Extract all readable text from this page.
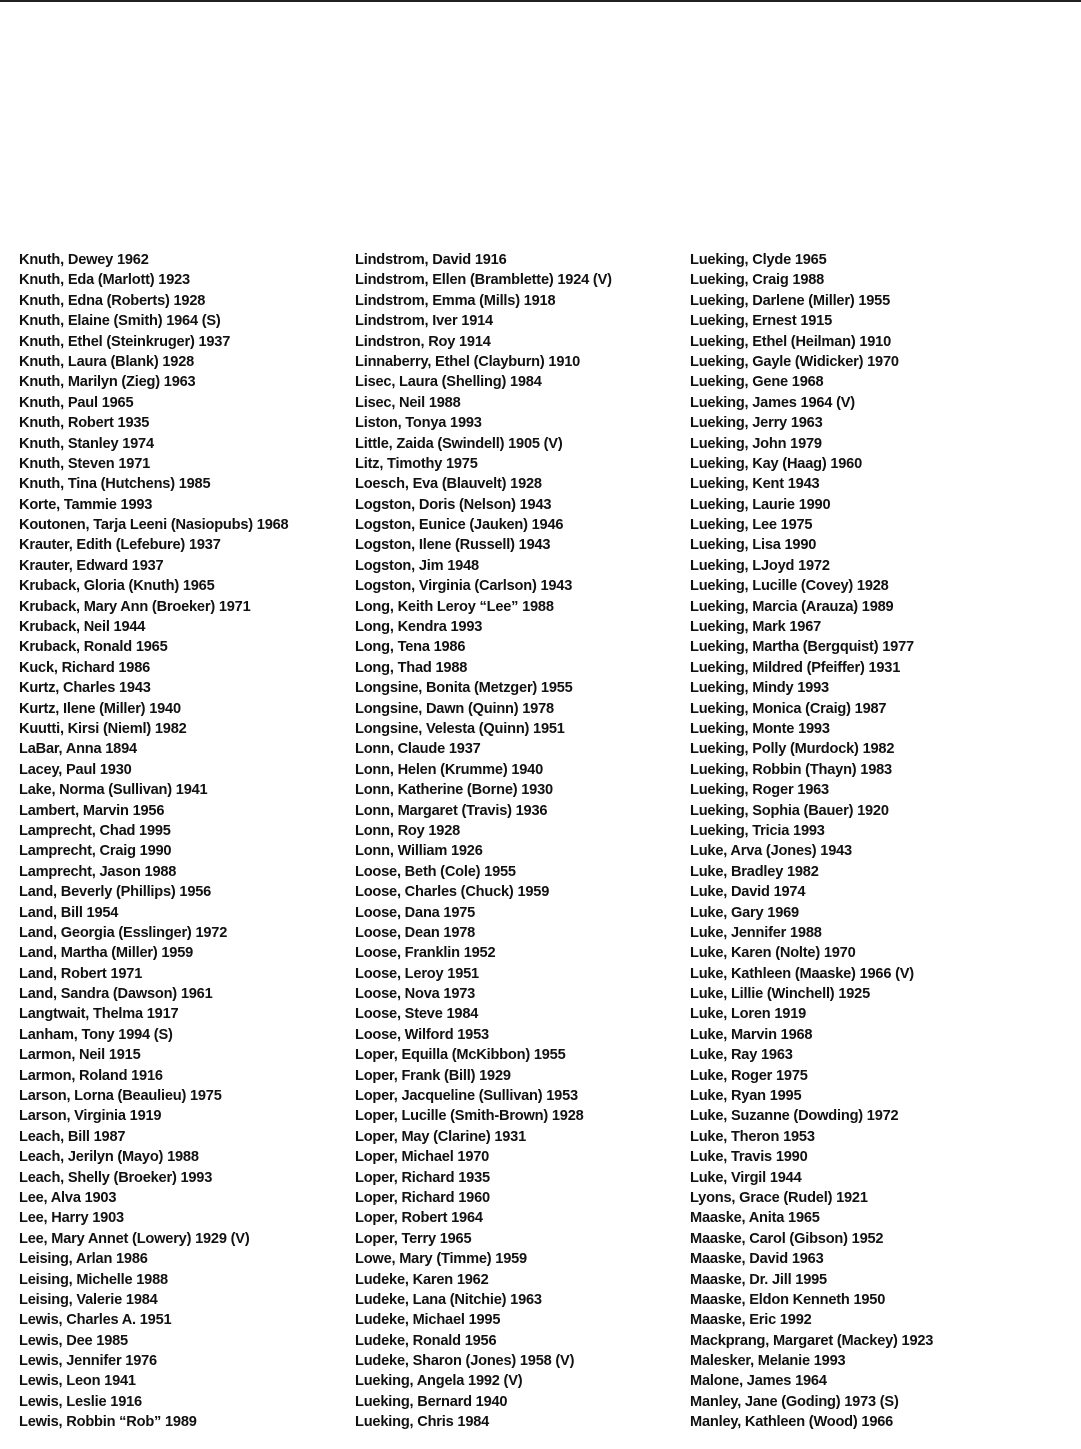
Knuth, Dewey 1962
Knuth, Eda (Marlott) 1923
Knuth, Edna (Roberts) 1928
Knuth, Elaine (Smith) 1964 (S)
Knuth, Ethel (Steinkruger) 1937
Knuth, Laura (Blank) 1928
Knuth, Marilyn (Zieg) 1963
Knuth, Paul 1965
Knuth, Robert 1935
Knuth, Stanley 1974
Knuth, Steven 1971
Knuth, Tina (Hutchens) 1985
Korte, Tammie 1993
Koutonen, Tarja Leeni (Nasiopubs) 1968
Krauter, Edith (Lefebure) 1937
Krauter, Edward 1937
Kruback, Gloria (Knuth) 1965
Kruback, Mary Ann (Broeker) 1971
Kruback, Neil 1944
Kruback, Ronald 1965
Kuck, Richard 1986
Kurtz, Charles 1943
Kurtz, Ilene (Miller) 1940
Kuutti, Kirsi (Nieml) 1982
LaBar, Anna 1894
Lacey, Paul 1930
Lake, Norma (Sullivan) 1941
Lambert, Marvin 1956
Lamprecht, Chad 1995
Lamprecht, Craig 1990
Lamprecht, Jason 1988
Land, Beverly (Phillips) 1956
Land, Bill 1954
Land, Georgia (Esslinger) 1972
Land, Martha (Miller) 1959
Land, Robert 1971
Land, Sandra (Dawson) 1961
Langtwait, Thelma 1917
Lanham, Tony 1994 (S)
Larmon, Neil 1915
Larmon, Roland 1916
Larson, Lorna (Beaulieu) 1975
Larson, Virginia 1919
Leach, Bill 1987
Leach, Jerilyn (Mayo) 1988
Leach, Shelly (Broeker) 1993
Lee, Alva 1903
Lee, Harry 1903
Lee, Mary Annet (Lowery) 1929 (V)
Leising, Arlan 1986
Leising, Michelle 1988
Leising, Valerie 1984
Lewis, Charles A. 1951
Lewis, Dee 1985
Lewis, Jennifer 1976
Lewis, Leon 1941
Lewis, Leslie 1916
Lewis, Robbin “Rob” 1989
Lindstrom, David 1916
Lindstrom, Ellen (Bramblette) 1924 (V)
Lindstrom, Emma (Mills) 1918
Lindstrom, Iver 1914
Lindstron, Roy 1914
Linnaberry, Ethel (Clayburn) 1910
Lisec, Laura (Shelling) 1984
Lisec, Neil 1988
Liston, Tonya 1993
Little, Zaida (Swindell) 1905 (V)
Litz, Timothy 1975
Loesch, Eva (Blauvelt) 1928
Logston, Doris (Nelson) 1943
Logston, Eunice (Jauken) 1946
Logston, Ilene (Russell) 1943
Logston, Jim 1948
Logston, Virginia (Carlson) 1943
Long, Keith Leroy “Lee” 1988
Long, Kendra 1993
Long, Tena 1986
Long, Thad 1988
Longsine, Bonita (Metzger) 1955
Longsine, Dawn (Quinn) 1978
Longsine, Velesta (Quinn) 1951
Lonn, Claude 1937
Lonn, Helen (Krumme) 1940
Lonn, Katherine (Borne) 1930
Lonn, Margaret (Travis) 1936
Lonn, Roy 1928
Lonn, William 1926
Loose, Beth (Cole) 1955
Loose, Charles (Chuck) 1959
Loose, Dana 1975
Loose, Dean 1978
Loose, Franklin 1952
Loose, Leroy 1951
Loose, Nova 1973
Loose, Steve 1984
Loose, Wilford 1953
Loper, Equilla (McKibbon) 1955
Loper, Frank (Bill) 1929
Loper, Jacqueline (Sullivan) 1953
Loper, Lucille (Smith-Brown) 1928
Loper, May (Clarine) 1931
Loper, Michael 1970
Loper, Richard 1935
Loper, Richard 1960
Loper, Robert 1964
Loper, Terry 1965
Lowe, Mary (Timme) 1959
Ludeke, Karen 1962
Ludeke, Lana (Nitchie) 1963
Ludeke, Michael 1995
Ludeke, Ronald 1956
Ludeke, Sharon (Jones) 1958 (V)
Lueking, Angela 1992 (V)
Lueking, Bernard 1940
Lueking, Chris 1984
Lueking, Clyde 1965
Lueking, Craig 1988
Lueking, Darlene (Miller) 1955
Lueking, Ernest 1915
Lueking, Ethel (Heilman) 1910
Lueking, Gayle (Widicker) 1970
Lueking, Gene 1968
Lueking, James 1964 (V)
Lueking, Jerry 1963
Lueking, John 1979
Lueking, Kay (Haag) 1960
Lueking, Kent 1943
Lueking, Laurie 1990
Lueking, Lee 1975
Lueking, Lisa 1990
Lueking, LJoyd 1972
Lueking, Lucille (Covey) 1928
Lueking, Marcia (Arauza) 1989
Lueking, Mark 1967
Lueking, Martha (Bergquist) 1977
Lueking, Mildred (Pfeiffer) 1931
Lueking, Mindy 1993
Lueking, Monica (Craig) 1987
Lueking, Monte 1993
Lueking, Polly (Murdock) 1982
Lueking, Robbin (Thayn) 1983
Lueking, Roger 1963
Lueking, Sophia (Bauer) 1920
Lueking, Tricia 1993
Luke, Arva (Jones) 1943
Luke, Bradley 1982
Luke, David 1974
Luke, Gary 1969
Luke, Jennifer 1988
Luke, Karen (Nolte) 1970
Luke, Kathleen (Maaske) 1966 (V)
Luke, Lillie (Winchell) 1925
Luke, Loren 1919
Luke, Marvin 1968
Luke, Ray 1963
Luke, Roger 1975
Luke, Ryan 1995
Luke, Suzanne (Dowding) 1972
Luke, Theron 1953
Luke, Travis 1990
Luke, Virgil 1944
Lyons, Grace (Rudel) 1921
Maaske, Anita 1965
Maaske, Carol (Gibson) 1952
Maaske, David 1963
Maaske, Dr. Jill 1995
Maaske, Eldon Kenneth 1950
Maaske, Eric 1992
Mackprang, Margaret (Mackey) 1923
Malesker, Melanie 1993
Malone, James 1964
Manley, Jane (Goding) 1973 (S)
Manley, Kathleen (Wood) 1966
